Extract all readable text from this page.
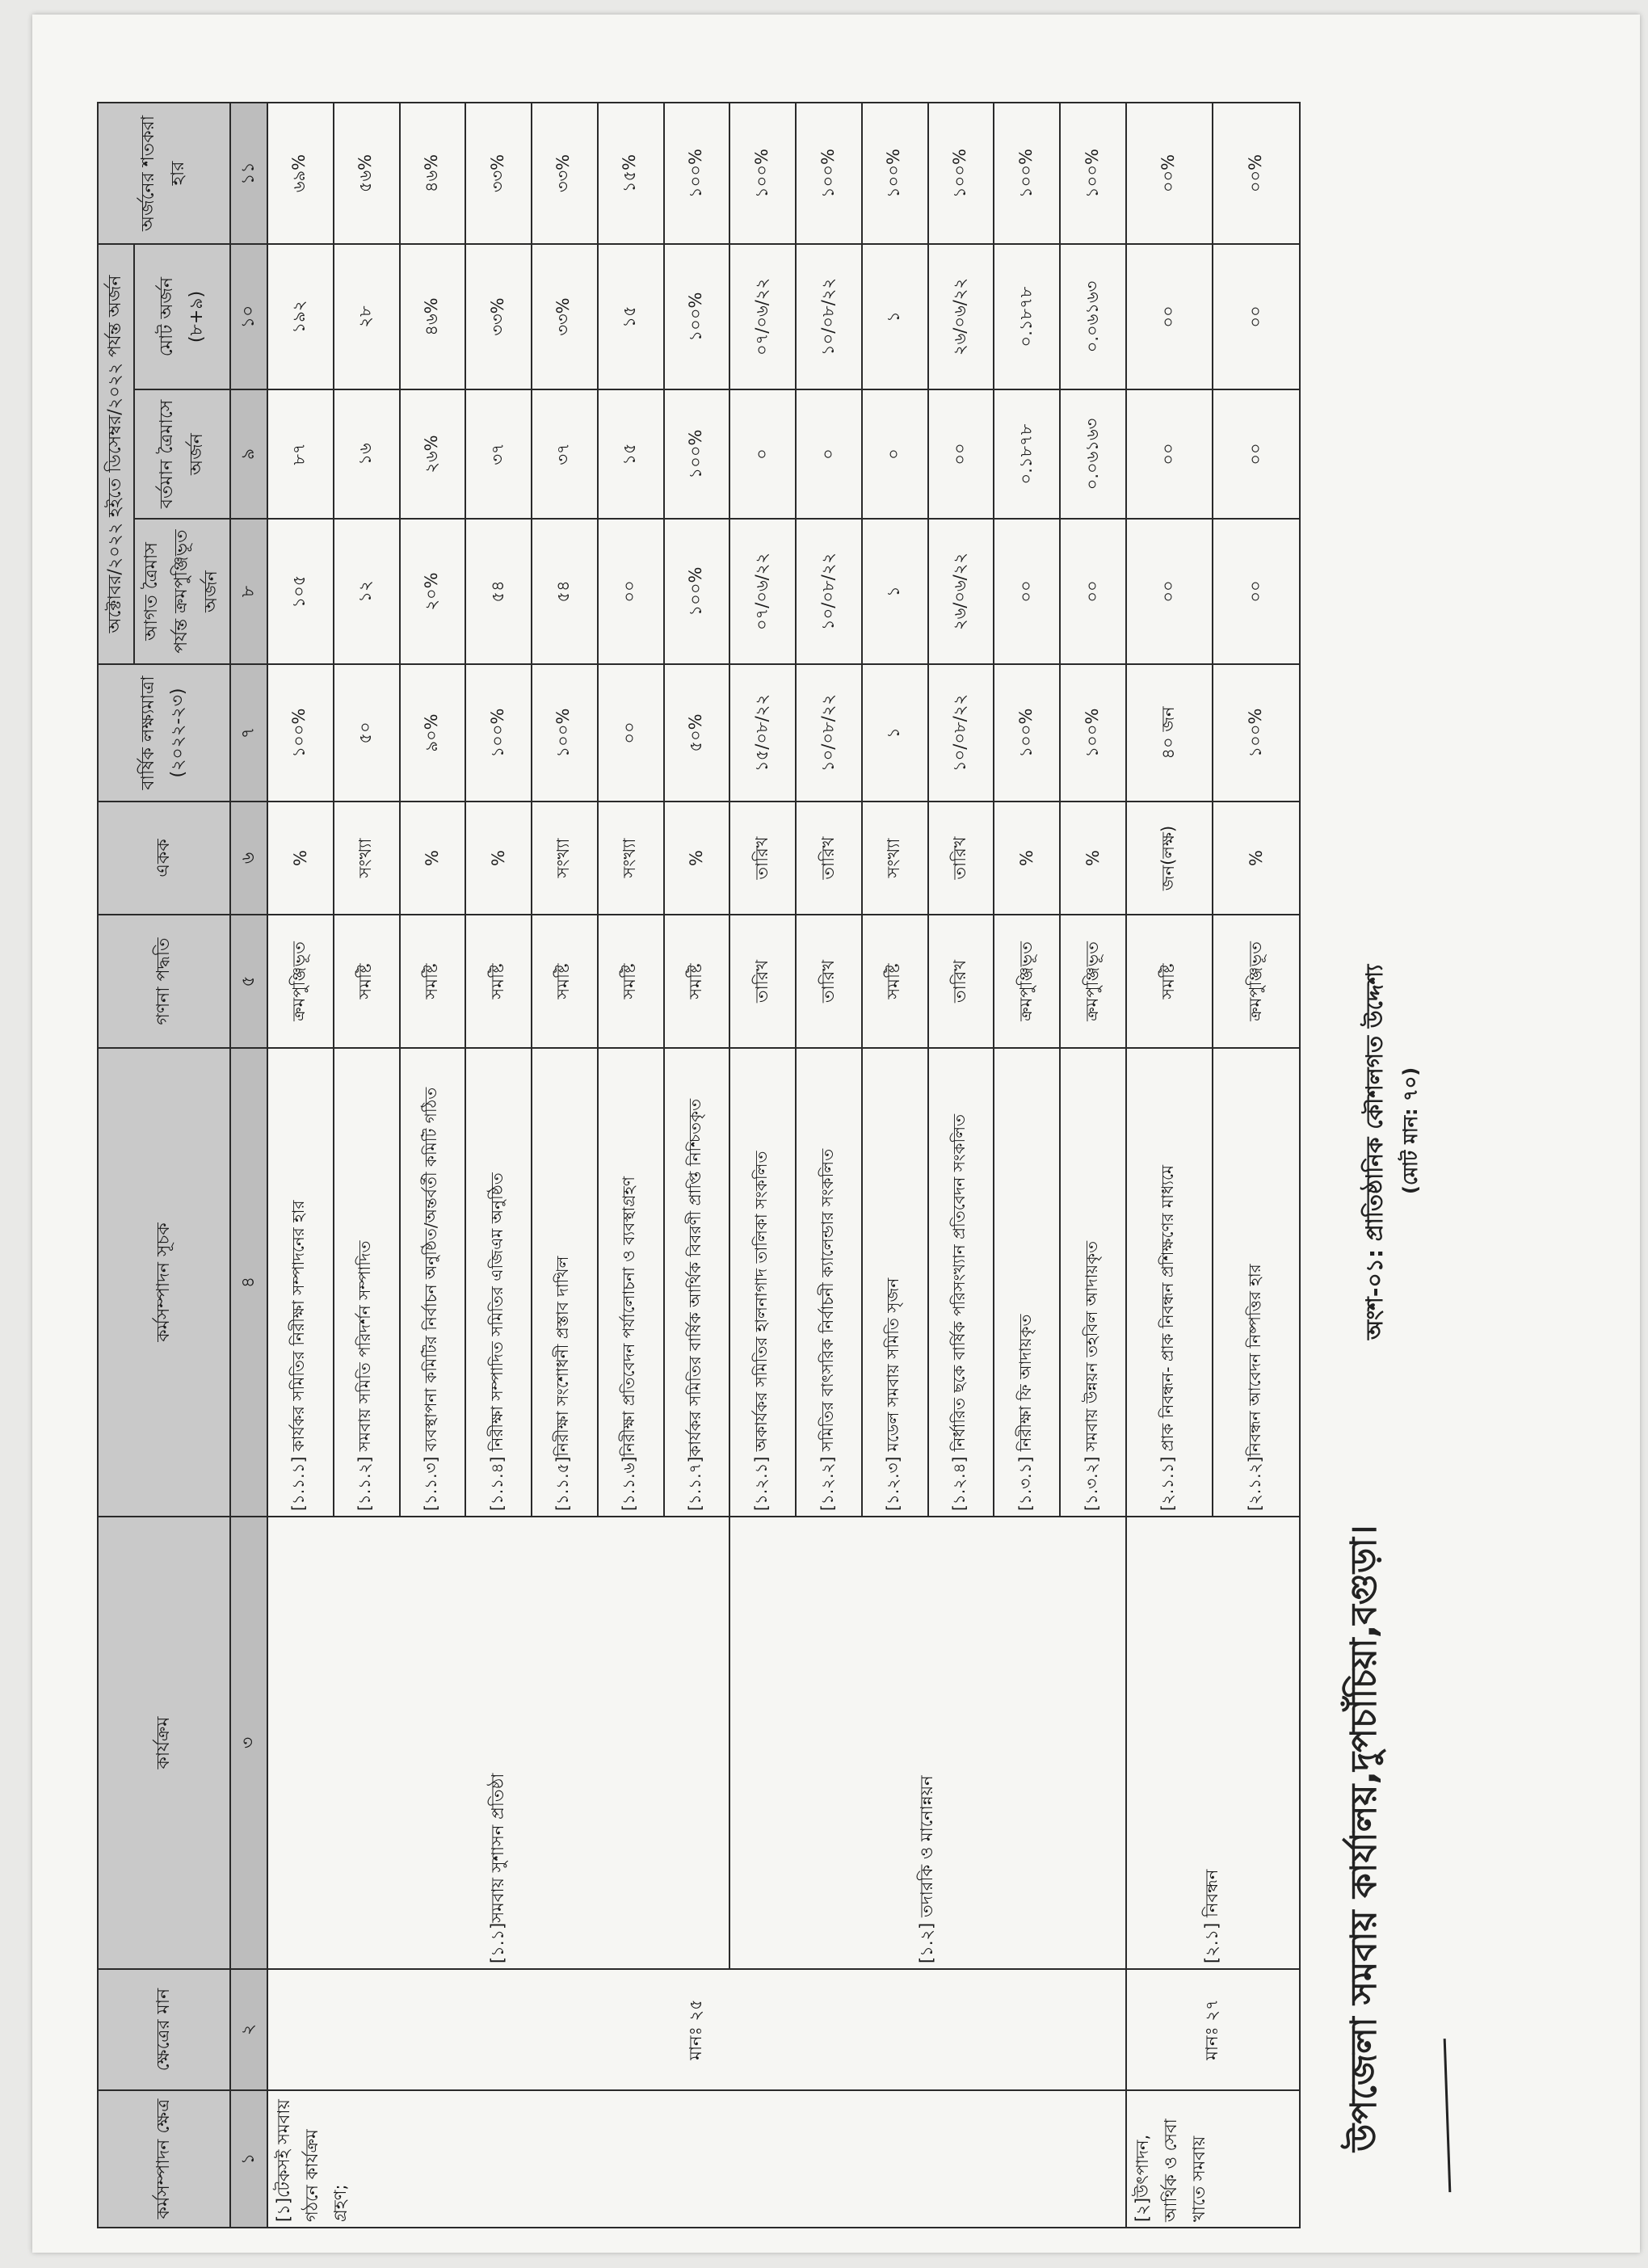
উপজেলা সমবায় কার্যালয়,দুপচাঁচিয়া,বগুড়া।
অংশ-০১: প্রাতিষ্ঠানিক কৌশলগত উদ্দেশ্য (মোট মান: ৭০)
কর্মসম্পাদন ক্ষেত্র	ক্ষেত্রের মান	কার্যক্রম	কর্মসম্পাদন সূচক	গণনা পদ্ধতি	একক	বার্ষিক লক্ষ্যমাত্রা (২০২২-২৩)	অক্টোবর/২০২২ হইতে ডিসেম্বর/২০২২ পর্যন্ত অর্জন			অর্জনের শতকরা হার
							আগত ত্রৈমাস পর্যন্ত ক্রমপুঞ্জিভূত অর্জন	বর্তমান ত্রৈমাসে অর্জন	মোট অর্জন (৮+৯)	
১	২	৩	৪	৫	৬	৭	৮	৯	১০	১১
[১]টেকসই সমবায় গঠনে কার্যক্রম গ্রহণ;	মানঃ ২৫	[১.১]সমবায় সুশাসন প্রতিষ্ঠা	[১.১.১] কার্যকর সমিতির নিরীক্ষা সম্পাদনের হার	ক্রমপুঞ্জিভূত	%	১০০%	১০৫	৮৭	১৯২	৬৯%
			[১.১.২] সমবায় সমিতি পরিদর্শন সম্পাদিত	সমষ্টি	সংখ্যা	৫০	১২	১৬	২৮	৫৬%
			[১.১.৩] ব্যবস্থাপনা কমিটির নির্বাচন অনুষ্ঠিত/অন্তর্বর্তী কমিটি গঠিত	সমষ্টি	%	৯০%	২০%	২৬%	৪৬%	৪৬%
			[১.১.৪] নিরীক্ষা সম্পাদিত সমিতির এজিএম অনুষ্ঠিত	সমষ্টি	%	১০০%	৫৪	৩৭	৩৩%	৩৩%
			[১.১.৫]নিরীক্ষা সংশোধনী প্রস্তাব দাখিল	সমষ্টি	সংখ্যা	১০০%	৫৪	৩৭	৩৩%	৩৩%
			[১.১.৬]নিরীক্ষা প্রতিবেদন পর্যালোচনা ও ব্যবস্থাগ্রহণ	সমষ্টি	সংখ্যা	০০	০০	১৫	১৫	১৫%
			[১.১.৭]কার্যকর সমিতির বার্ষিক আর্থিক বিবরণী প্রাপ্তি নিশ্চিতকৃত	সমষ্টি	%	৫০%	১০০%	১০০%	১০০%	১০০%
		[১.২] তদারকি ও মানোন্নয়ন	[১.২.১] অকার্যকর সমিতির হালনাগাদ তালিকা সংকলিত	তারিখ	তারিখ	১৫/০৮/২২	০৭/০৬/২২	০	০৭/০৬/২২	১০০%
			[১.২.২] সমিতির বাৎসরিক নির্বাচনী ক্যালেন্ডার সংকলিত	তারিখ	তারিখ	১০/০৮/২২	১০/০৮/২২	০	১০/০৮/২২	১০০%
			[১.২.৩] মডেল সমবায় সমিতি সৃজন	সমষ্টি	সংখ্যা	১	১	০	১	১০০%
			[১.২.৪] নির্ধারিত ছকে বার্ষিক পরিসংখ্যান প্রতিবেদন সংকলিত	তারিখ	তারিখ	১০/০৮/২২	২৬/০৬/২২	০০	২৬/০৬/২২	১০০%
			[১.৩.১] নিরীক্ষা ফি আদায়কৃত	ক্রমপুঞ্জিভূত	%	১০০%	০০	০.১৮৭৮	০.১৮৭৮	১০০%
			[১.৩.২] সমবায় উন্নয়ন তহবিল আদায়কৃত	ক্রমপুঞ্জিভূত	%	১০০%	০০	০.০৬১৬৩	০.০৬১৬৩	১০০%
[২]উৎপাদন, আর্থিক ও সেবা খাতে সমবায়	মানঃ ২৭	[২.১] নিবন্ধন	[২.১.১] প্রাক নিবন্ধন- প্রাক নিবন্ধন প্রশিক্ষণের মাধ্যমে	সমষ্টি	জন(লক্ষ)	৪০ জন	০০	০০	০০	০০%
			[২.১.২]নিবন্ধন আবেদন নিষ্পত্তির হার	ক্রমপুঞ্জিভূত	%	১০০%	০০	০০	০০	০০%
